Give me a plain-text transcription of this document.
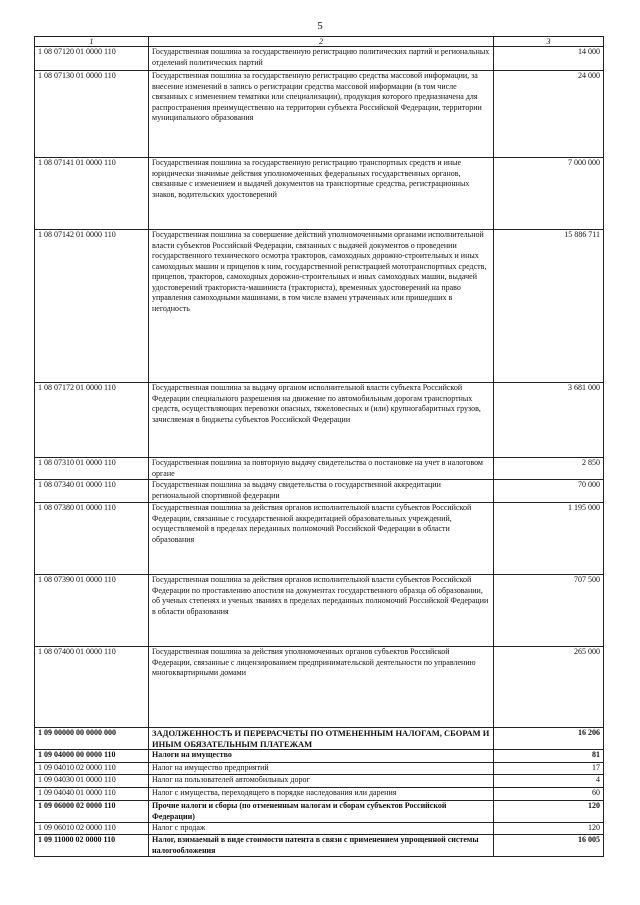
5
1	2	3
1 08 07120 01 0000 110	Государственная пошлина за государственную регистрацию политических партий и региональных отделений политических партий	14 000
1 08 07130 01 0000 110	Государственная пошлина за государственную регистрацию средства массовой информации, за внесение изменений в запись о регистрации средства массовой информации (в том числе связанных с изменением тематики или специализации), продукция которого предназначена для распространения преимущественно на территории субъекта Российской Федерации, территории муниципального образования	24 000
1 08 07141 01 0000 110	Государственная пошлина за государственную регистрацию транспортных средств и иные юридически значимые действия уполномоченных федеральных государственных органов, связанные с изменением и выдачей документов на транспортные средства, регистрационных знаков, водительских удостоверений	7 000 000
1 08 07142 01 0000 110	Государственная пошлина за совершение действий уполномоченными органами исполнительной власти субъектов Российской Федерации, связанных с выдачей документов о проведении государственного технического осмотра тракторов, самоходных дорожно-строительных и иных самоходных машин и прицепов к ним, государственной регистрацией мототранспортных средств, прицепов, тракторов, самоходных дорожно-строительных и иных самоходных машин, выдачей удостоверений тракториста-машиниста (тракториста), временных удостоверений на право управления самоходными машинами, в том числе взамен утраченных или пришедших в негодность	15 886 711
1 08 07172 01 0000 110	Государственная пошлина за выдачу органом исполнительной власти субъекта Российской Федерации специального разрешения на движение по автомобильным дорогам транспортных средств, осуществляющих перевозки опасных, тяжеловесных и (или) крупногабаритных грузов, зачисляемая в бюджеты субъектов Российской Федерации	3 681 000
1 08 07310 01 0000 110	Государственная пошлина за повторную выдачу свидетельства о постановке на учет в налоговом органе	2 850
1 08 07340 01 0000 110	Государственная пошлина за выдачу свидетельства о государственной аккредитации региональной спортивной федерации	70 000
1 08 07380 01 0000 110	Государственная пошлина за действия органов исполнительной власти субъектов Российской Федерации, связанные с государственной аккредитацией образовательных учреждений, осуществляемой в пределах переданных полномочий Российской Федерации в области образования	1 195 000
1 08 07390 01 0000 110	Государственная пошлина за действия органов исполнительной власти субъектов Российской Федерации по проставлению апостиля на документах государственного образца об образовании, об ученых степенях и ученых званиях в пределах переданных полномочий Российской Федерации в области образования	707 500
1 08 07400 01 0000 110	Государственная пошлина за действия уполномоченных органов субъектов Российской Федерации, связанные с лицензированием предпринимательской деятельности по управлению многоквартирными домами	265 000
1 09 00000 00 0000 000	ЗАДОЛЖЕННОСТЬ И ПЕРЕРАСЧЕТЫ ПО ОТМЕНЕННЫМ НАЛОГАМ, СБОРАМ И ИНЫМ ОБЯЗАТЕЛЬНЫМ ПЛАТЕЖАМ	16 206
1 09 04000 00 0000 110	Налоги на имущество	81
1 09 04010 02 0000 110	Налог на имущество предприятий	17
1 09 04030 01 0000 110	Налог на пользователей автомобильных дорог	4
1 09 04040 01 0000 110	Налог с имущества, переходящего в порядке наследования или дарения	60
1 09 06000 02 0000 110	Прочие налоги и сборы (по отмененным налогам и сборам субъектов Российской Федерации)	120
1 09 06010 02 0000 110	Налог с продаж	120
1 09 11000 02 0000 110	Налог, взимаемый в виде стоимости патента в связи с применением упрощенной системы налогообложения	16 005
